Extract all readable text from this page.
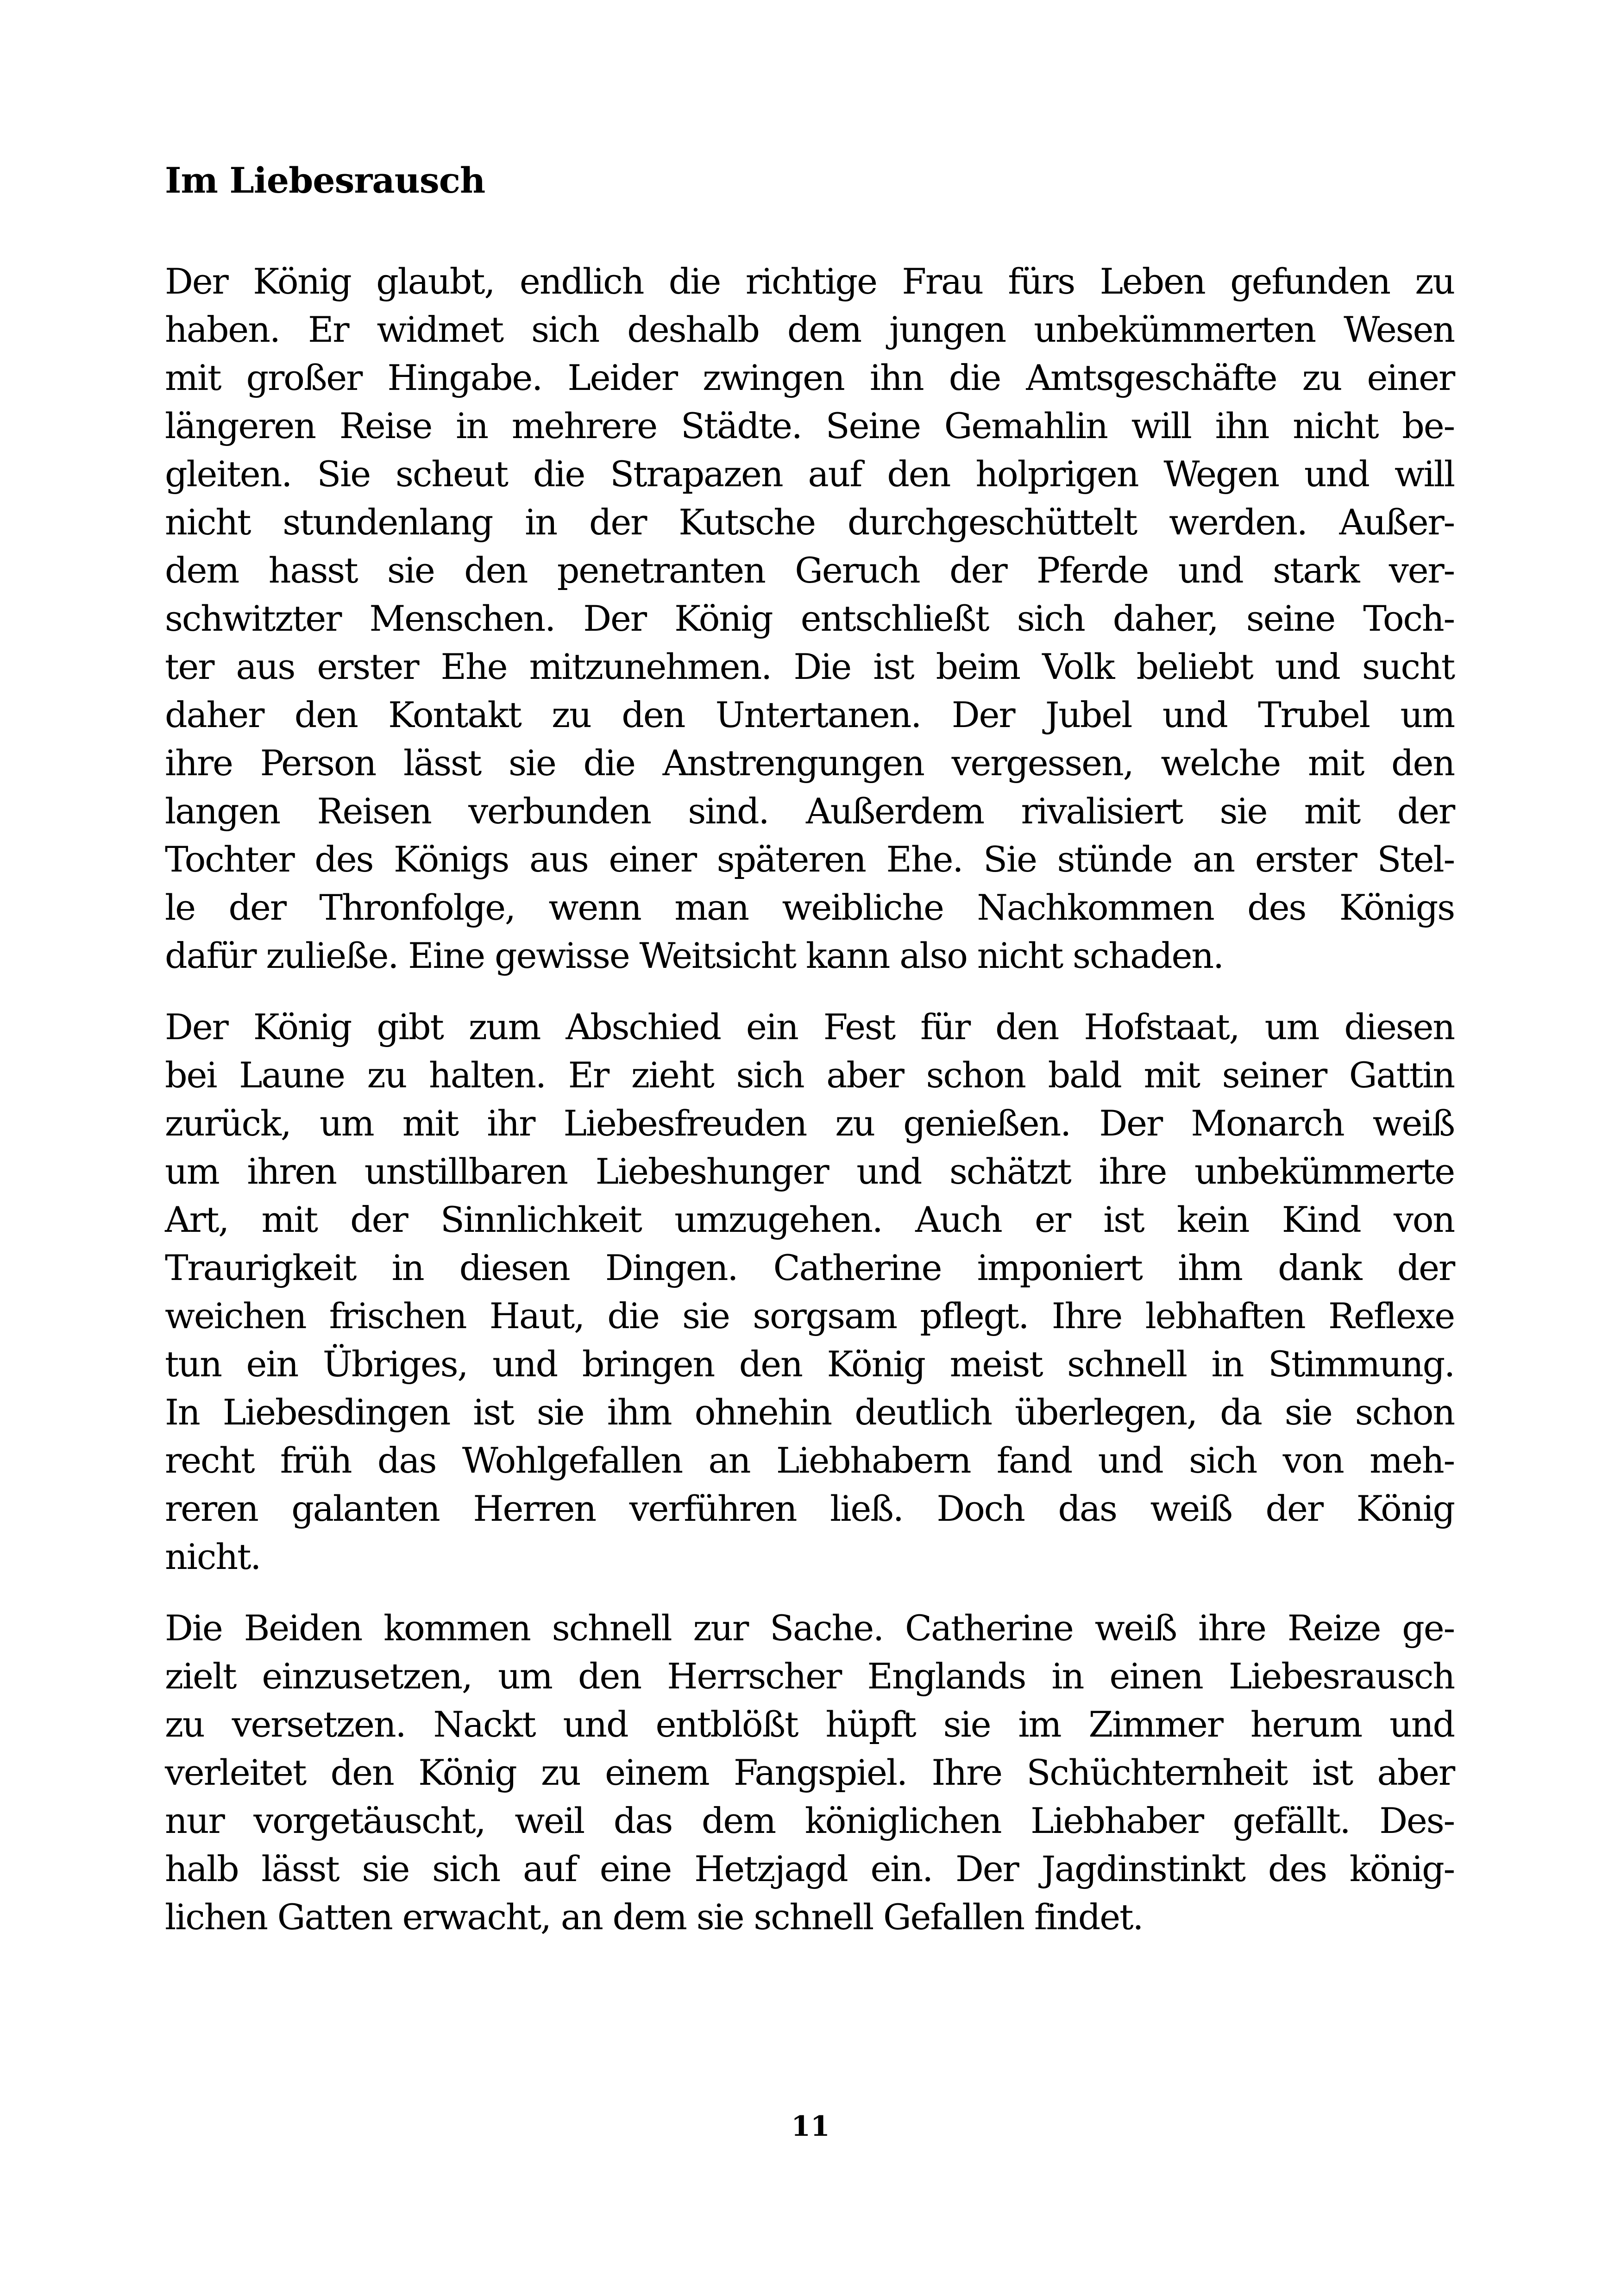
Im Liebesrausch
Der König glaubt, endlich die richtige Frau fürs Leben gefunden zu
haben. Er widmet sich deshalb dem jungen unbekümmerten Wesen
mit großer Hingabe. Leider zwingen ihn die Amtsgeschäfte zu einer
längeren Reise in mehrere Städte. Seine Gemahlin will ihn nicht be-
gleiten. Sie scheut die Strapazen auf den holprigen Wegen und will
nicht stundenlang in der Kutsche durchgeschüttelt werden. Außer-
dem hasst sie den penetranten Geruch der Pferde und stark ver-
schwitzter Menschen. Der König entschließt sich daher, seine Toch-
ter aus erster Ehe mitzunehmen. Die ist beim Volk beliebt und sucht
daher den Kontakt zu den Untertanen. Der Jubel und Trubel um
ihre Person lässt sie die Anstrengungen vergessen, welche mit den
langen Reisen verbunden sind. Außerdem rivalisiert sie mit der
Tochter des Königs aus einer späteren Ehe. Sie stünde an erster Stel-
le der Thronfolge, wenn man weibliche Nachkommen des Königs
dafür zuließe. Eine gewisse Weitsicht kann also nicht schaden.
Der König gibt zum Abschied ein Fest für den Hofstaat, um diesen
bei Laune zu halten. Er zieht sich aber schon bald mit seiner Gattin
zurück, um mit ihr Liebesfreuden zu genießen. Der Monarch weiß
um ihren unstillbaren Liebeshunger und schätzt ihre unbekümmerte
Art, mit der Sinnlichkeit umzugehen. Auch er ist kein Kind von
Traurigkeit in diesen Dingen. Catherine imponiert ihm dank der
weichen frischen Haut, die sie sorgsam pflegt. Ihre lebhaften Reflexe
tun ein Übriges, und bringen den König meist schnell in Stimmung.
In Liebesdingen ist sie ihm ohnehin deutlich überlegen, da sie schon
recht früh das Wohlgefallen an Liebhabern fand und sich von meh-
reren galanten Herren verführen ließ. Doch das weiß der König
nicht.
Die Beiden kommen schnell zur Sache. Catherine weiß ihre Reize ge-
zielt einzusetzen, um den Herrscher Englands in einen Liebesrausch
zu versetzen. Nackt und entblößt hüpft sie im Zimmer herum und
verleitet den König zu einem Fangspiel. Ihre Schüchternheit ist aber
nur vorgetäuscht, weil das dem königlichen Liebhaber gefällt. Des-
halb lässt sie sich auf eine Hetzjagd ein. Der Jagdinstinkt des könig-
lichen Gatten erwacht, an dem sie schnell Gefallen findet.
11
